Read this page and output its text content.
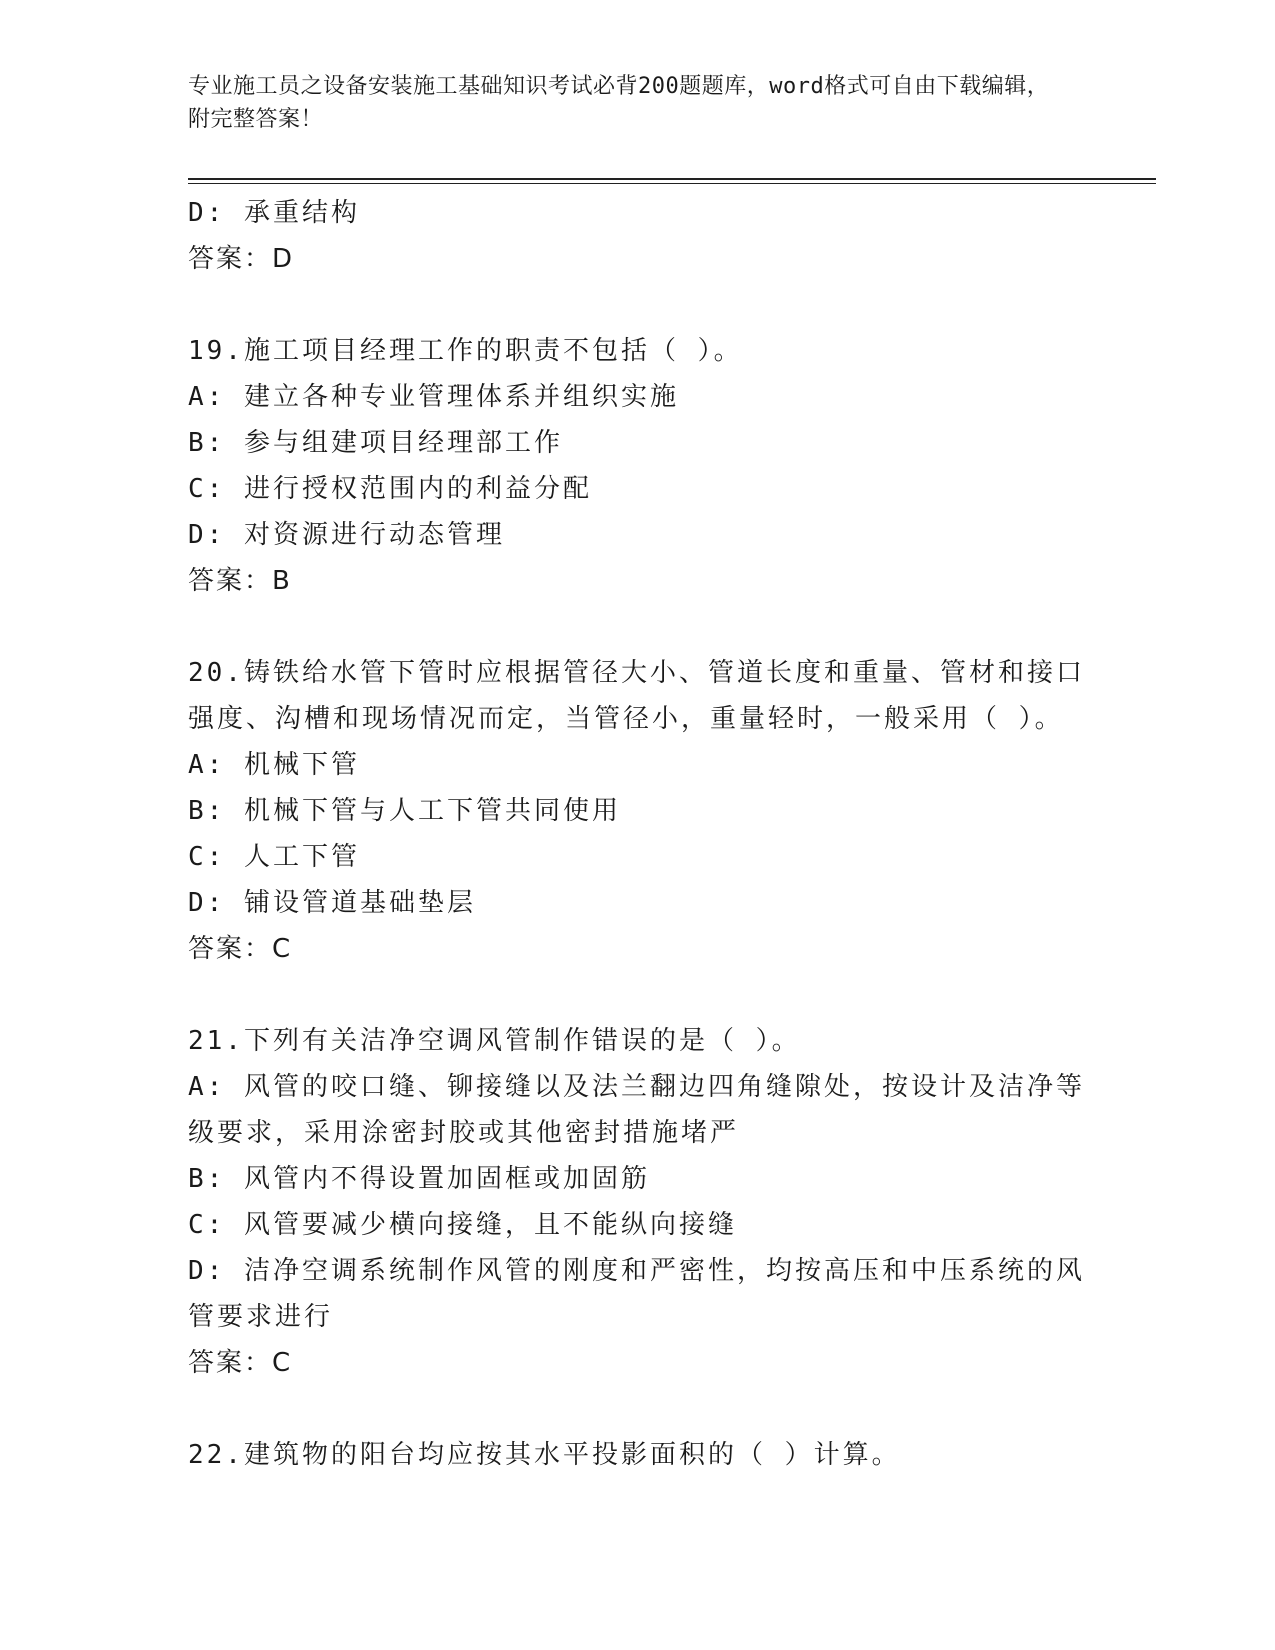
专业施工员之设备安装施工基础知识考试必背200题题库，word格式可自由下载编辑，附完整答案！
D: 承重结构
答案：D
19.施工项目经理工作的职责不包括（ ）。
A: 建立各种专业管理体系并组织实施
B: 参与组建项目经理部工作
C: 进行授权范围内的利益分配
D: 对资源进行动态管理
答案：B
20.铸铁给水管下管时应根据管径大小、管道长度和重量、管材和接口强度、沟槽和现场情况而定，当管径小，重量轻时，一般采用（ ）。
A: 机械下管
B: 机械下管与人工下管共同使用
C: 人工下管
D: 铺设管道基础垫层
答案：C
21.下列有关洁净空调风管制作错误的是（ ）。
A: 风管的咬口缝、铆接缝以及法兰翻边四角缝隙处，按设计及洁净等级要求，采用涂密封胶或其他密封措施堵严
B: 风管内不得设置加固框或加固筋
C: 风管要减少横向接缝，且不能纵向接缝
D: 洁净空调系统制作风管的刚度和严密性，均按高压和中压系统的风管要求进行
答案：C
22.建筑物的阳台均应按其水平投影面积的（ ）计算。
